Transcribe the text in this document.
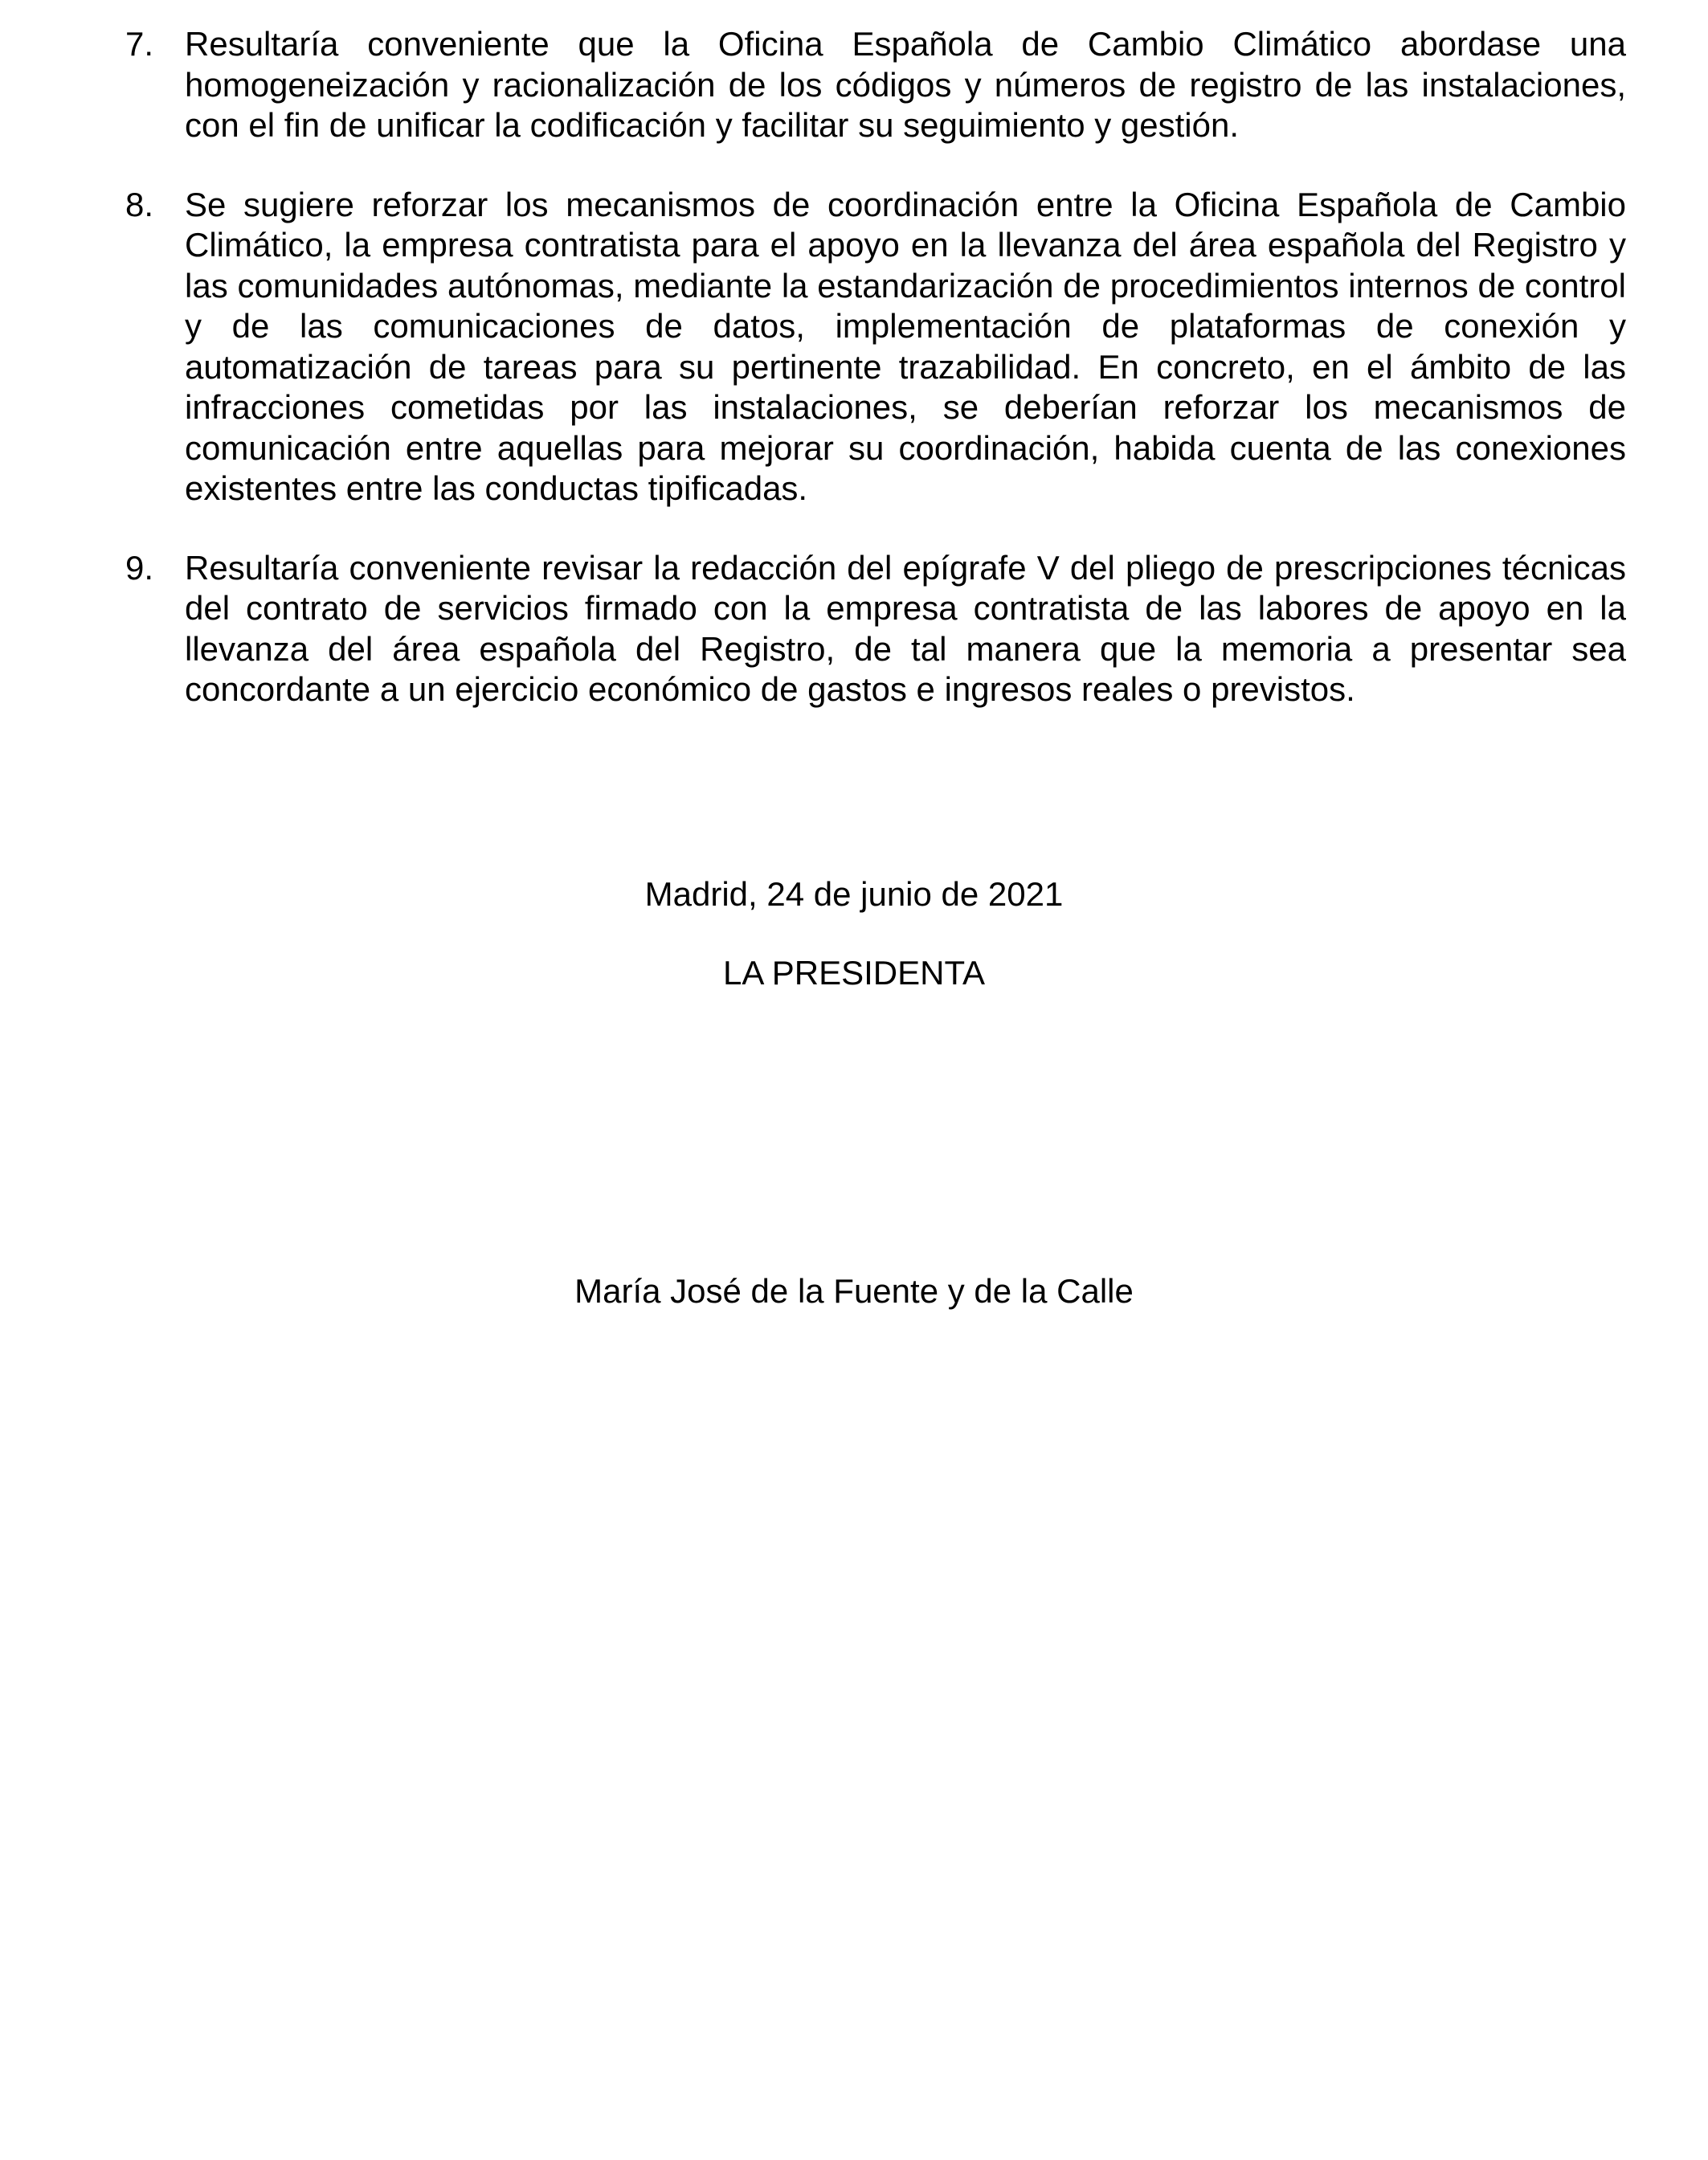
7. Resultaría conveniente que la Oficina Española de Cambio Climático abordase una homogeneización y racionalización de los códigos y números de registro de las instalaciones, con el fin de unificar la codificación y facilitar su seguimiento y gestión.
8. Se sugiere reforzar los mecanismos de coordinación entre la Oficina Española de Cambio Climático, la empresa contratista para el apoyo en la llevanza del área española del Registro y las comunidades autónomas, mediante la estandarización de procedimientos internos de control y de las comunicaciones de datos, implementación de plataformas de conexión y automatización de tareas para su pertinente trazabilidad. En concreto, en el ámbito de las infracciones cometidas por las instalaciones, se deberían reforzar los mecanismos de comunicación entre aquellas para mejorar su coordinación, habida cuenta de las conexiones existentes entre las conductas tipificadas.
9. Resultaría conveniente revisar la redacción del epígrafe V del pliego de prescripciones técnicas del contrato de servicios firmado con la empresa contratista de las labores de apoyo en la llevanza del área española del Registro, de tal manera que la memoria a presentar sea concordante a un ejercicio económico de gastos e ingresos reales o previstos.
Madrid, 24 de junio de 2021
LA PRESIDENTA
María José de la Fuente y de la Calle
